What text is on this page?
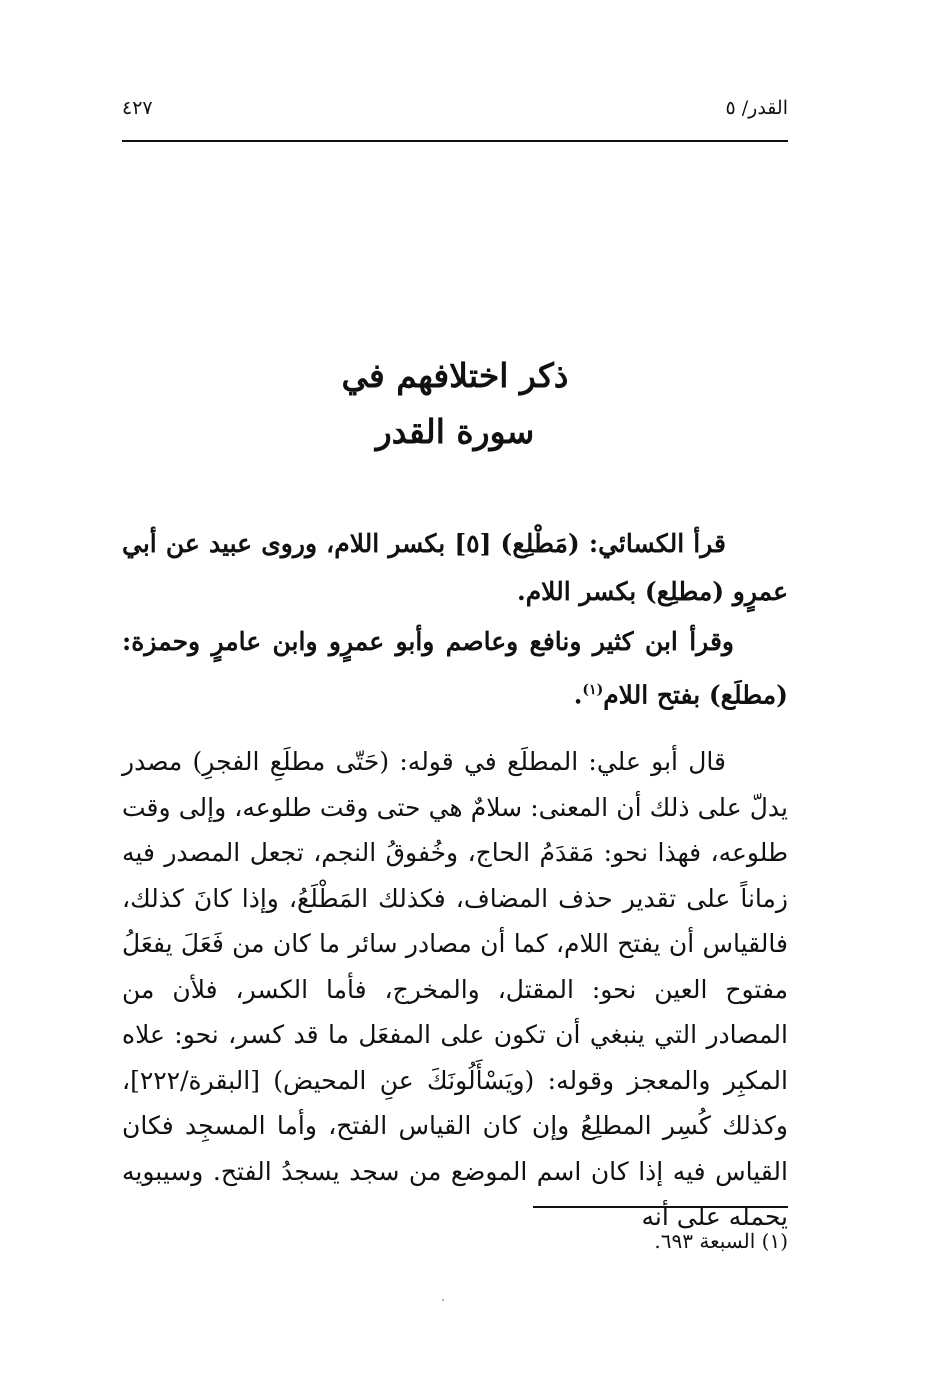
القدر/ ٥
٤٢٧
ذكر اختلافهم في
سورة القدر

قرأ الكسائي: (مَطْلِع) [٥] بكسر اللام، وروى عبيد عن أبي عمرٍو (مطلِع) بكسر اللام.

وقرأ ابن كثير ونافع وعاصم وأبو عمرٍو وابن عامرٍ وحمزة: (مطلَع) بفتح اللام$^{(١)}$.

قال أبو علي: المطلَع في قوله: (حَتّى مطلَعِ الفجرِ) مصدر يدلّ على ذلك أن المعنى: سلامٌ هي حتى وقت طلوعه، وإلى وقت طلوعه، فهذا نحو: مَقدَمُ الحاج، وخُفوقُ النجم، تجعل المصدر فيه زماناً على تقدير حذف المضاف، فكذلك المَطْلَعُ، وإذا كانَ كذلك، فالقياس أن يفتح اللام، كما أن مصادر سائر ما كان من فَعَلَ يفعَلُ مفتوح العين نحو: المقتل، والمخرج، فأما الكسر، فلأن من المصادر التي ينبغي أن تكون على المفعَل ما قد كسر، نحو: علاه المكبِر والمعجز وقوله: (ويَسْأَلُونَكَ عنِ المحيض) [البقرة/٢٢٢]، وكذلك كُسِر المطلِعُ وإن كان القياس الفتح، وأما المسجِد فكان القياس فيه إذا كان اسم الموضع من سجد يسجدُ الفتح. وسيبويه يحمله على أنه

(١) السبعة ٦٩٣.
